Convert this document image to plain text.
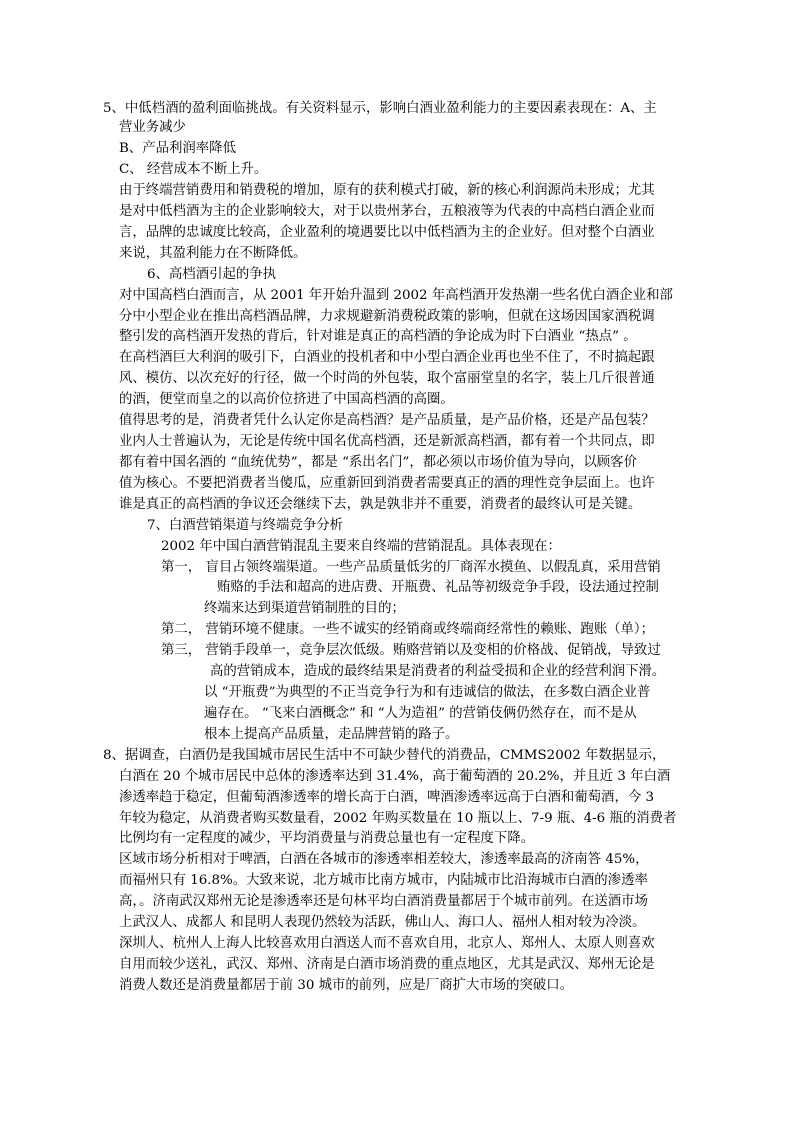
5、中低档酒的盈利面临挑战。有关资料显示，影响白酒业盈利能力的主要因素表现在：A、主
营业务减少
B、产品利润率降低
C、 经营成本不断上升。
由于终端营销费用和销费税的增加，原有的获利模式打破，新的核心利润源尚未形成；尤其
是对中低档酒为主的企业影响较大，对于以贵州茅台，五粮液等为代表的中高档白酒企业而
言，品牌的忠诚度比较高，企业盈利的境遇要比以中低档酒为主的企业好。但对整个白酒业
来说，其盈利能力在不断降低。
6、高档酒引起的争执
对中国高档白酒而言，从 2001 年开始升温到 2002 年高档酒开发热潮一些名优白酒企业和部
分中小型企业在推出高档酒品牌，力求规避新消费税政策的影响，但就在这场因国家酒税调
整引发的高档酒开发热的背后，针对谁是真正的高档酒的争论成为时下白酒业 “热点” 。
在高档酒巨大利润的吸引下，白酒业的投机者和中小型白酒企业再也坐不住了，不时搞起跟
风、模仿、以次充好的行径，做一个时尚的外包装，取个富丽堂皇的名字，装上几斤很普通
的酒，便堂而皇之的以高价位挤进了中国高档酒的高圈。
值得思考的是，消费者凭什么认定你是高档酒？是产品质量，是产品价格，还是产品包装？
业内人士普遍认为，无论是传统中国名优高档酒，还是新派高档酒，都有着一个共同点，即
都有着中国名酒的 “血统优势”，都是 “系出名门”，都必须以市场价值为导向，以顾客价
值为核心。不要把消费者当傻瓜，应重新回到消费者需要真正的酒的理性竞争层面上。也许
谁是真正的高档酒的争议还会继续下去，孰是孰非并不重要，消费者的最终认可是关键。
7、白酒营销渠道与终端竞争分析
2002 年中国白酒营销混乱主要来自终端的营销混乱。具体表现在：
第一， 盲目占领终端渠道。一些产品质量低劣的厂商浑水摸鱼、以假乱真，采用营销
贿赂的手法和超高的进店费、开瓶费、礼品等初级竞争手段，设法通过控制
终端来达到渠道营销制胜的目的；
第二， 营销环境不健康。一些不诚实的经销商或终端商经常性的赖账、跑账（单）；
第三， 营销手段单一，竞争层次低级。贿赂营销以及变相的价格战、促销战，导致过
高的营销成本，造成的最终结果是消费者的利益受损和企业的经营利润下滑。
以 “开瓶费”为典型的不正当竞争行为和有违诚信的做法，在多数白酒企业普
遍存在。 “飞来白酒概念” 和 “人为造祖” 的营销伎俩仍然存在，而不是从
根本上提高产品质量，走品牌营销的路子。
8、据调查，白酒仍是我国城市居民生活中不可缺少替代的消费品，CMMS2002 年数据显示，
白酒在 20 个城市居民中总体的渗透率达到 31.4%，高于葡萄酒的 20.2%，并且近 3 年白酒
渗透率趋于稳定，但葡萄酒渗透率的增长高于白酒，啤酒渗透率远高于白酒和葡萄酒，今 3
年较为稳定，从消费者购买数量看，2002 年购买数量在 10 瓶以上、7-9 瓶、4-6 瓶的消费者
比例均有一定程度的减少，平均消费量与消费总量也有一定程度下降。
区域市场分析相对于啤酒，白酒在各城市的渗透率相差较大，渗透率最高的济南答 45%，
而福州只有 16.8%。大致来说，北方城市比南方城市，内陆城市比沿海城市白酒的渗透率
高，。济南武汉郑州无论是渗透率还是句林平均白酒消费量都居于个城市前列。在送酒市场
上武汉人、成都人 和昆明人表现仍然较为活跃，佛山人、海口人、福州人相对较为冷淡。
深圳人、杭州人上海人比较喜欢用白酒送人而不喜欢自用，北京人、郑州人、太原人则喜欢
自用而较少送礼，武汉、郑州、济南是白酒市场消费的重点地区，尤其是武汉、郑州无论是
消费人数还是消费量都居于前 30 城市的前列，应是厂商扩大市场的突破口。
